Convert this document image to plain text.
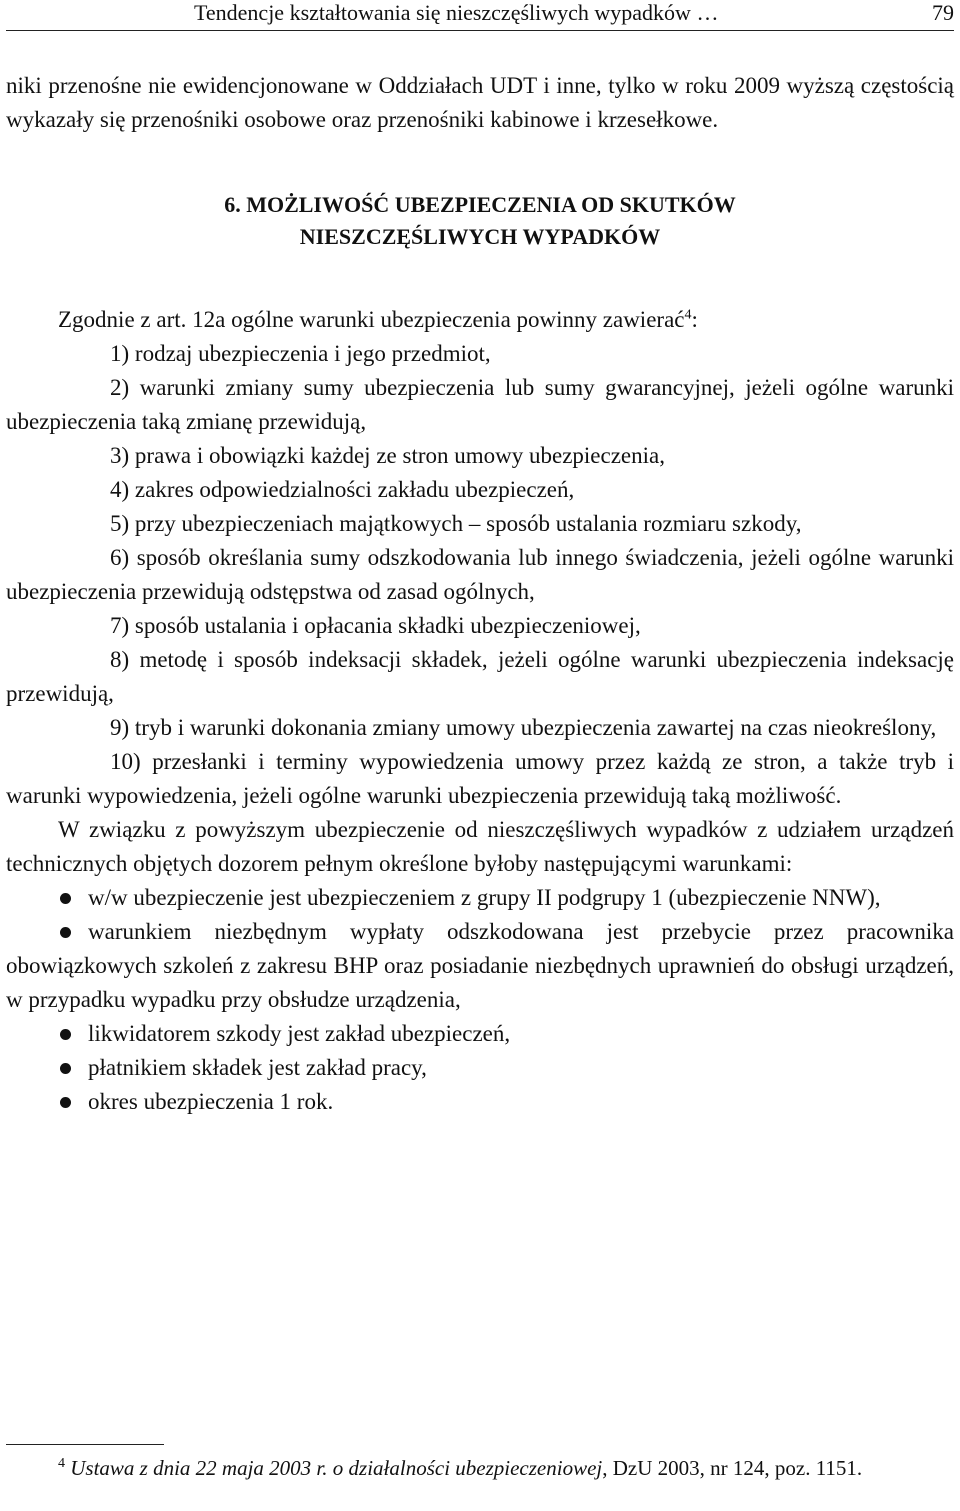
Tendencje kształtowania się nieszczęśliwych wypadków …	79

niki przenośne nie ewidencjonowane w Oddziałach UDT i inne, tylko w roku 2009 wyższą częstością wykazały się przenośniki osobowe oraz przenośniki kabinowe i krzesełkowe.

6. MOŻLIWOŚĆ UBEZPIECZENIA OD SKUTKÓW
NIESZCZĘŚLIWYCH WYPADKÓW

Zgodnie z art. 12a ogólne warunki ubezpieczenia powinny zawierać$^4$:

1) rodzaj ubezpieczenia i jego przedmiot,

2) warunki zmiany sumy ubezpieczenia lub sumy gwarancyjnej, jeżeli ogólne warunki ubezpieczenia taką zmianę przewidują,

3) prawa i obowiązki każdej ze stron umowy ubezpieczenia,

4) zakres odpowiedzialności zakładu ubezpieczeń,

5) przy ubezpieczeniach majątkowych – sposób ustalania rozmiaru szkody,

6) sposób określania sumy odszkodowania lub innego świadczenia, jeżeli ogólne warunki ubezpieczenia przewidują odstępstwa od zasad ogólnych,

7) sposób ustalania i opłacania składki ubezpieczeniowej,

8) metodę i sposób indeksacji składek, jeżeli ogólne warunki ubezpieczenia indeksację przewidują,

9) tryb i warunki dokonania zmiany umowy ubezpieczenia zawartej na czas nieokreślony,

10) przesłanki i terminy wypowiedzenia umowy przez każdą ze stron, a także tryb i warunki wypowiedzenia, jeżeli ogólne warunki ubezpieczenia przewidują taką możliwość.

W związku z powyższym ubezpieczenie od nieszczęśliwych wypadków z udziałem urządzeń technicznych objętych dozorem pełnym określone byłoby następującymi warunkami:

w/w ubezpieczenie jest ubezpieczeniem z grupy II podgrupy 1 (ubezpieczenie NNW),
warunkiem niezbędnym wypłaty odszkodowana jest przebycie przez pracownika obowiązkowych szkoleń z zakresu BHP oraz posiadanie niezbędnych uprawnień do obsługi urządzeń, w przypadku wypadku przy obsłudze urządzenia,
likwidatorem szkody jest zakład ubezpieczeń,
płatnikiem składek jest zakład pracy,
okres ubezpieczenia 1 rok.
$^4$ Ustawa z dnia 22 maja 2003 r. o działalności ubezpieczeniowej, DzU 2003, nr 124, poz. 1151.
